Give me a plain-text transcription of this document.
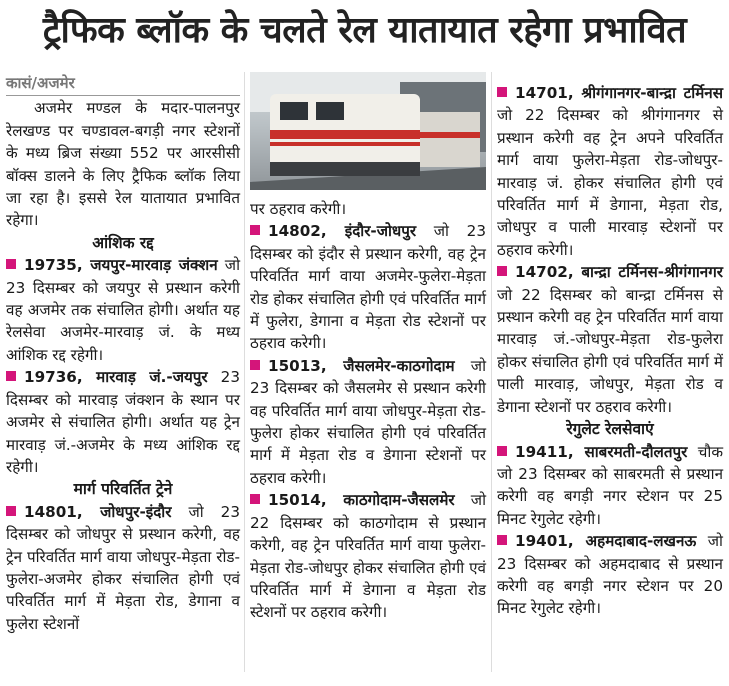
ट्रैफिक ब्लॉक के चलते रेल यातायात रहेगा प्रभावित
कासं/अजमेर

अजमेर मण्डल के मदार-पालनपुर रेलखण्ड पर चण्डावल-बगड़ी नगर स्टेशनों के मध्य ब्रिज संख्या 552 पर आरसीसी बॉक्स डालने के लिए ट्रैफिक ब्लॉक लिया जा रहा है। इससे रेल यातायात प्रभावित रहेगा।

आंशिक रद्द

19735, जयपुर-मारवाड़ जंक्शन जो 23 दिसम्बर को जयपुर से प्रस्थान करेगी वह अजमेर तक संचालित होगी। अर्थात यह रेलसेवा अजमेर-मारवाड़ जं. के मध्य आंशिक रद्द रहेगी।

19736, मारवाड़ जं.-जयपुर 23 दिसम्बर को मारवाड़ जंक्शन के स्थान पर अजमेर से संचालित होगी। अर्थात यह ट्रेन मारवाड़ जं.-अजमेर के मध्य आंशिक रद्द रहेगी।

मार्ग परिवर्तित ट्रेने

14801, जोधपुर-इंदौर जो 23 दिसम्बर को जोधपुर से प्रस्थान करेगी, वह ट्रेन परिवर्तित मार्ग वाया जोधपुर-मेड़ता रोड-फुलेरा-अजमेर होकर संचालित होगी एवं परिवर्तित मार्ग में मेड़ता रोड, डेगाना व फुलेरा स्टेशनों

पर ठहराव करेगी।

14802, इंदौर-जोधपुर जो 23 दिसम्बर को इंदौर से प्रस्थान करेगी, वह ट्रेन परिवर्तित मार्ग वाया अजमेर-फुलेरा-मेड़ता रोड होकर संचालित होगी एवं परिवर्तित मार्ग में फुलेरा, डेगाना व मेड़ता रोड स्टेशनों पर ठहराव करेगी।

15013, जैसलमेर-काठगोदाम जो 23 दिसम्बर को जैसलमेर से प्रस्थान करेगी वह परिवर्तित मार्ग वाया जोधपुर-मेड़ता रोड-फुलेरा होकर संचालित होगी एवं परिवर्तित मार्ग में मेड़ता रोड व डेगाना स्टेशनों पर ठहराव करेगी।

15014, काठगोदाम-जैसलमेर जो 22 दिसम्बर को काठगोदाम से प्रस्थान करेगी, वह ट्रेन परिवर्तित मार्ग वाया फुलेरा-मेड़ता रोड-जोधपुर होकर संचालित होगी एवं परिवर्तित मार्ग में डेगाना व मेड़ता रोड स्टेशनों पर ठहराव करेगी।

14701, श्रीगंगानगर-बान्द्रा टर्मिनस जो 22 दिसम्बर को श्रीगंगानगर से प्रस्थान करेगी वह ट्रेन अपने परिवर्तित मार्ग वाया फुलेरा-मेड़ता रोड-जोधपुर-मारवाड़ जं. होकर संचालित होगी एवं परिवर्तित मार्ग में डेगाना, मेड़ता रोड, जोधपुर व पाली मारवाड़ स्टेशनों पर ठहराव करेगी।

14702, बान्द्रा टर्मिनस-श्रीगंगानगर जो 22 दिसम्बर को बान्द्रा टर्मिनस से प्रस्थान करेगी वह ट्रेन परिवर्तित मार्ग वाया मारवाड़ जं.-जोधपुर-मेड़ता रोड-फुलेरा होकर संचालित होगी एवं परिवर्तित मार्ग में पाली मारवाड़, जोधपुर, मेड़ता रोड व डेगाना स्टेशनों पर ठहराव करेगी।

रेगुलेट रेलसेवाएं

19411, साबरमती-दौलतपुर चौक जो 23 दिसम्बर को साबरमती से प्रस्थान करेगी वह बगड़ी नगर स्टेशन पर 25 मिनट रेगुलेट रहेगी।

19401, अहमदाबाद-लखनऊ जो 23 दिसम्बर को अहमदाबाद से प्रस्थान करेगी वह बगड़ी नगर स्टेशन पर 20 मिनट रेगुलेट रहेगी।
